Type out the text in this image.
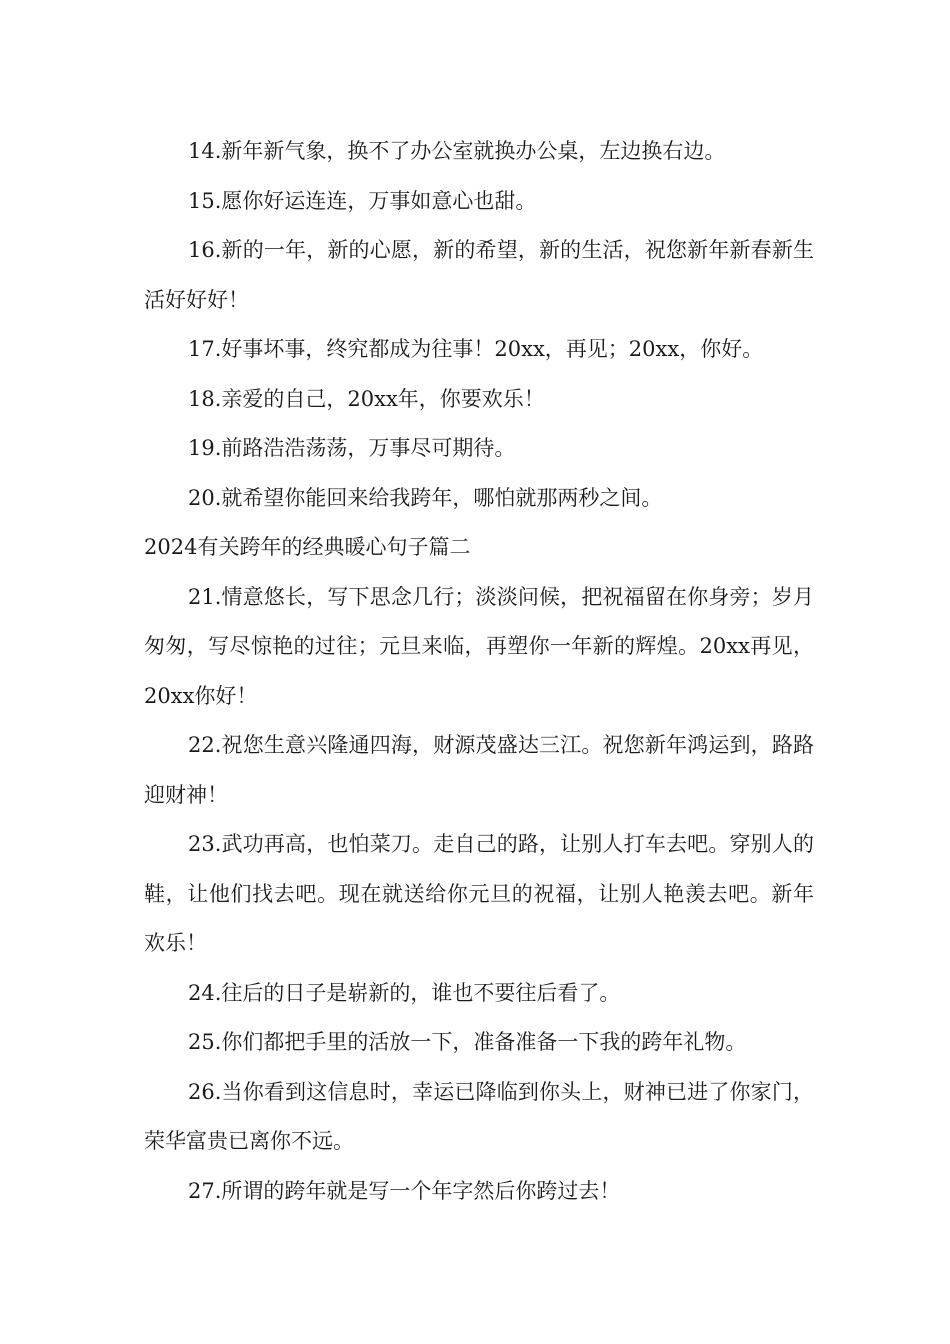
14.新年新气象，换不了办公室就换办公桌，左边换右边。

15.愿你好运连连，万事如意心也甜。

16.新的一年，新的心愿，新的希望，新的生活，祝您新年新春新生活好好好！

17.好事坏事，终究都成为往事！20xx，再见；20xx，你好。

18.亲爱的自己，20xx年，你要欢乐！

19.前路浩浩荡荡，万事尽可期待。

20.就希望你能回来给我跨年，哪怕就那两秒之间。

2024有关跨年的经典暖心句子篇二

21.情意悠长，写下思念几行；淡淡问候，把祝福留在你身旁；岁月匆匆，写尽惊艳的过往；元旦来临，再塑你一年新的辉煌。20xx再见，20xx你好！

22.祝您生意兴隆通四海，财源茂盛达三江。祝您新年鸿运到，路路迎财神！

23.武功再高，也怕菜刀。走自己的路，让别人打车去吧。穿别人的鞋，让他们找去吧。现在就送给你元旦的祝福，让别人艳羡去吧。新年欢乐！

24.往后的日子是崭新的，谁也不要往后看了。

25.你们都把手里的活放一下，准备准备一下我的跨年礼物。

26.当你看到这信息时，幸运已降临到你头上，财神已进了你家门，荣华富贵已离你不远。

27.所谓的跨年就是写一个年字然后你跨过去！
